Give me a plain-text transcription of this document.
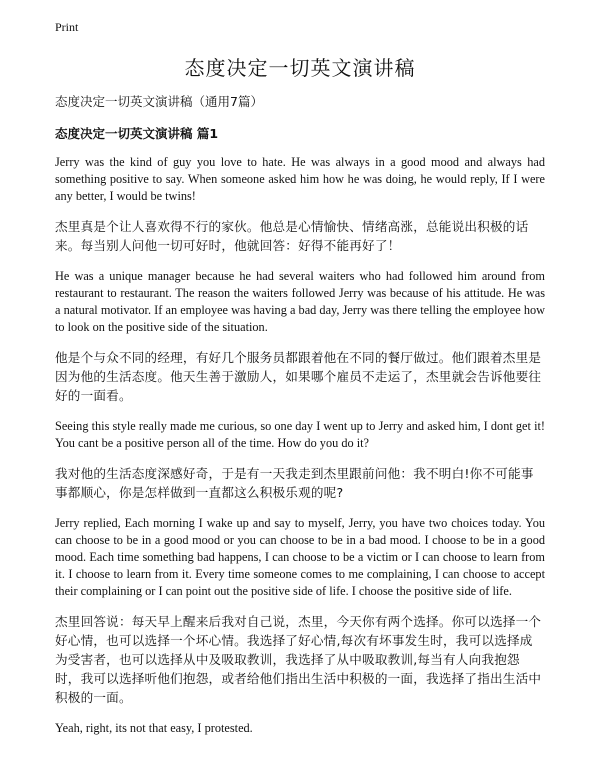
Print
态度决定一切英文演讲稿

态度决定一切英文演讲稿（通用7篇）

态度决定一切英文演讲稿 篇1

Jerry was the kind of guy you love to hate. He was always in a good mood and always had something positive to say. When someone asked him how he was doing, he would reply, If I were any better, I would be twins!

杰里真是个让人喜欢得不行的家伙。他总是心情愉快、情绪高涨，总能说出积极的话来。每当别人问他一切可好时，他就回答：好得不能再好了！

He was a unique manager because he had several waiters who had followed him around from restaurant to restaurant. The reason the waiters followed Jerry was because of his attitude. He was a natural motivator. If an employee was having a bad day, Jerry was there telling the employee how to look on the positive side of the situation.

他是个与众不同的经理，有好几个服务员都跟着他在不同的餐厅做过。他们跟着杰里是因为他的生活态度。他天生善于激励人，如果哪个雇员不走运了，杰里就会告诉他要往好的一面看。

Seeing this style really made me curious, so one day I went up to Jerry and asked him, I dont get it! You cant be a positive person all of the time. How do you do it?

我对他的生活态度深感好奇，于是有一天我走到杰里跟前问他：我不明白!你不可能事事都顺心，你是怎样做到一直都这么积极乐观的呢?

Jerry replied, Each morning I wake up and say to myself, Jerry, you have two choices today. You can choose to be in a good mood or you can choose to be in a bad mood. I choose to be in a good mood. Each time something bad happens, I can choose to be a victim or I can choose to learn from it. I choose to learn from it. Every time someone comes to me complaining, I can choose to accept their complaining or I can point out the positive side of life. I choose the positive side of life.

杰里回答说：每天早上醒来后我对自己说，杰里，今天你有两个选择。你可以选择一个好心情，也可以选择一个坏心情。我选择了好心情,每次有坏事发生时，我可以选择成为受害者，也可以选择从中及吸取教训，我选择了从中吸取教训,每当有人向我抱怨时，我可以选择听他们抱怨，或者给他们指出生活中积极的一面，我选择了指出生活中积极的一面。

Yeah, right, its not that easy, I protested.
